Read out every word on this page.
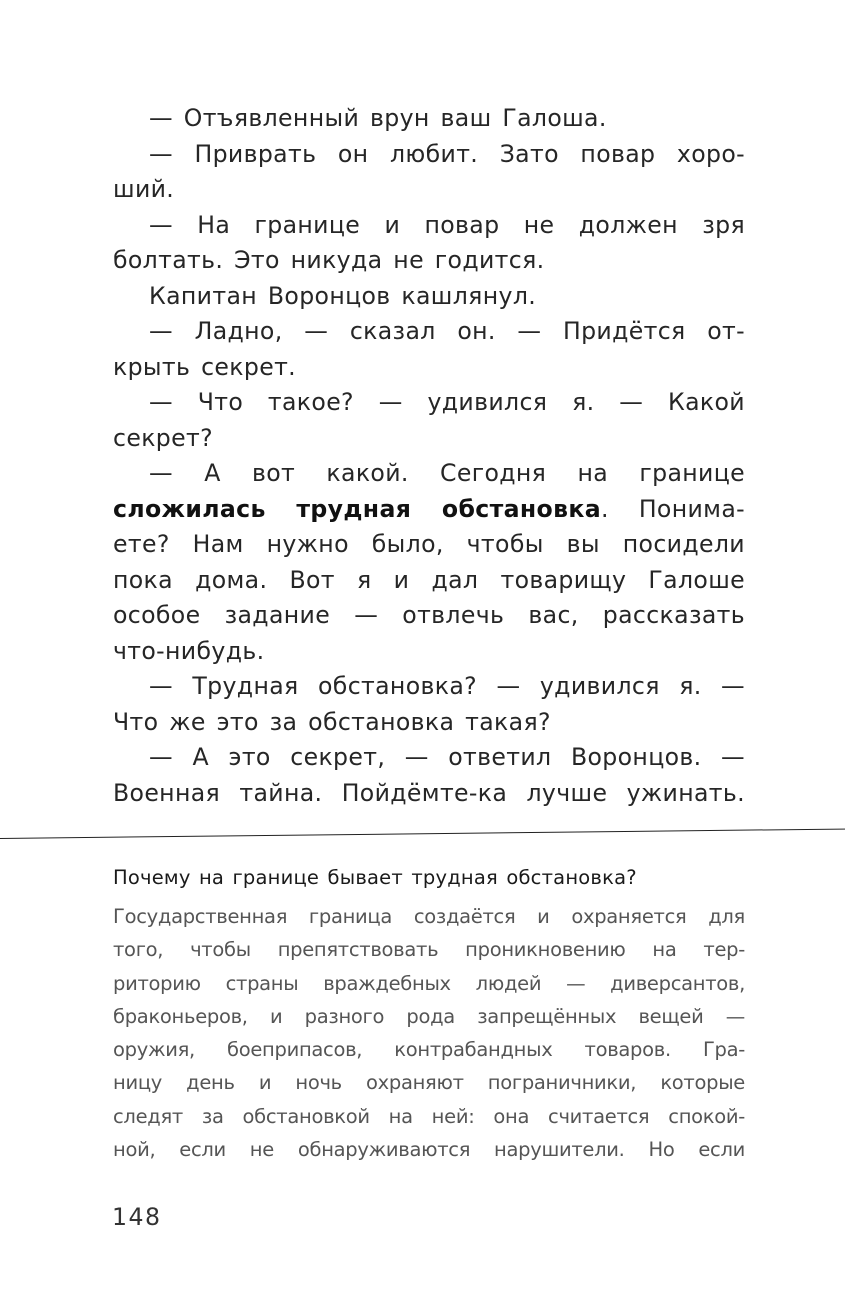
— Отъявленный врун ваш Галоша.

— Приврать он любит. Зато повар хоро-

ший.

— На границе и повар не должен зря

болтать. Это никуда не годится.

Капитан Воронцов кашлянул.

— Ладно, — сказал он. — Придётся от-

крыть секрет.

— Что такое? — удивился я. — Какой

секрет?

— А вот какой. Сегодня на границе

сложилась трудная обстановка. Понима-

ете? Нам нужно было, чтобы вы посидели

пока дома. Вот я и дал товарищу Галоше

особое задание — отвлечь вас, рассказать

что-нибудь.

— Трудная обстановка? — удивился я. —

Что же это за обстановка такая?

— А это секрет, — ответил Воронцов. —

Военная тайна. Пойдёмте-ка лучше ужинать.

Почему на границе бывает трудная обстановка?
Государственная граница создаётся и охраняется для
того, чтобы препятствовать проникновению на тер-
риторию страны враждебных людей — диверсантов,
браконьеров, и разного рода запрещённых вещей —
оружия, боеприпасов, контрабандных товаров. Гра-
ницу день и ночь охраняют пограничники, которые
следят за обстановкой на ней: она считается спокой-
ной, если не обнаруживаются нарушители. Но если
148
